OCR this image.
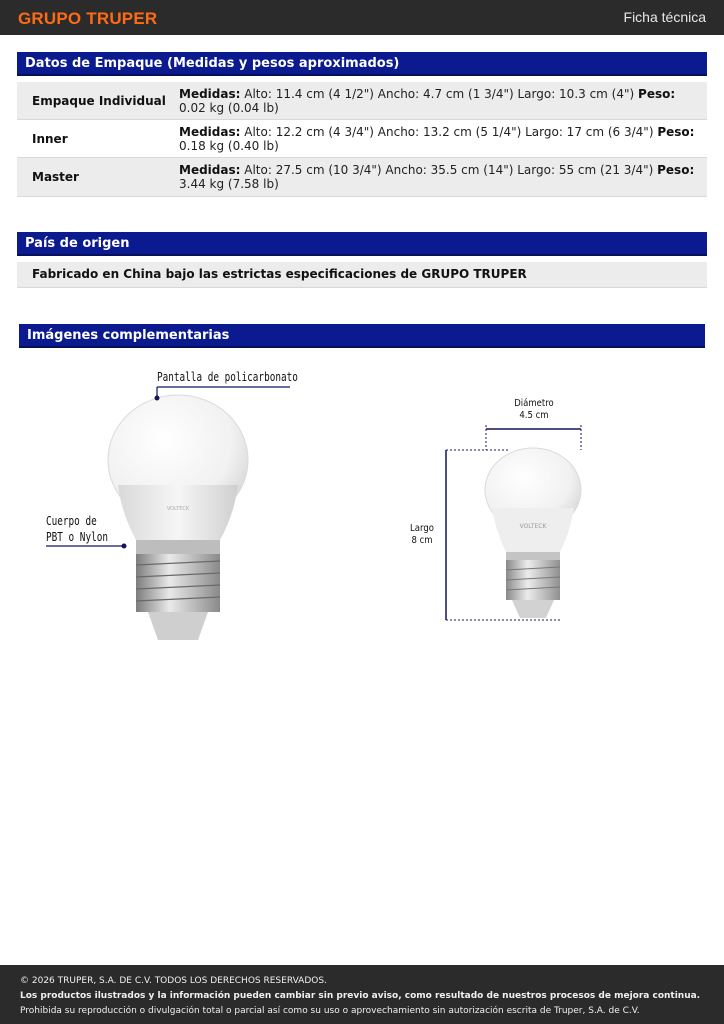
GRUPO TRUPER	Ficha técnica
Datos de Empaque (Medidas y pesos aproximados)
Empaque Individual	Medidas: Alto: 11.4 cm (4 1/2") Ancho: 4.7 cm (1 3/4") Largo: 10.3 cm (4") Peso: 0.02 kg (0.04 lb)
Inner	Medidas: Alto: 12.2 cm (4 3/4") Ancho: 13.2 cm (5 1/4") Largo: 17 cm (6 3/4") Peso: 0.18 kg (0.40 lb)
Master	Medidas: Alto: 27.5 cm (10 3/4") Ancho: 35.5 cm (14") Largo: 55 cm (21 3/4") Peso: 3.44 kg (7.58 lb)
País de origen
Fabricado en China bajo las estrictas especificaciones de GRUPO TRUPER
Imágenes complementarias
VOLTECK
Pantalla de policarbonato
Cuerpo de
PBT o Nylon
VOLTECK
Diámetro
4.5 cm
Largo
8 cm
© 2026 TRUPER, S.A. DE C.V. TODOS LOS DERECHOS RESERVADOS.
Los productos ilustrados y la información pueden cambiar sin previo aviso, como resultado de nuestros procesos de mejora continua.
Prohibida su reproducción o divulgación total o parcial así como su uso o aprovechamiento sin autorización escrita de Truper, S.A. de C.V.
